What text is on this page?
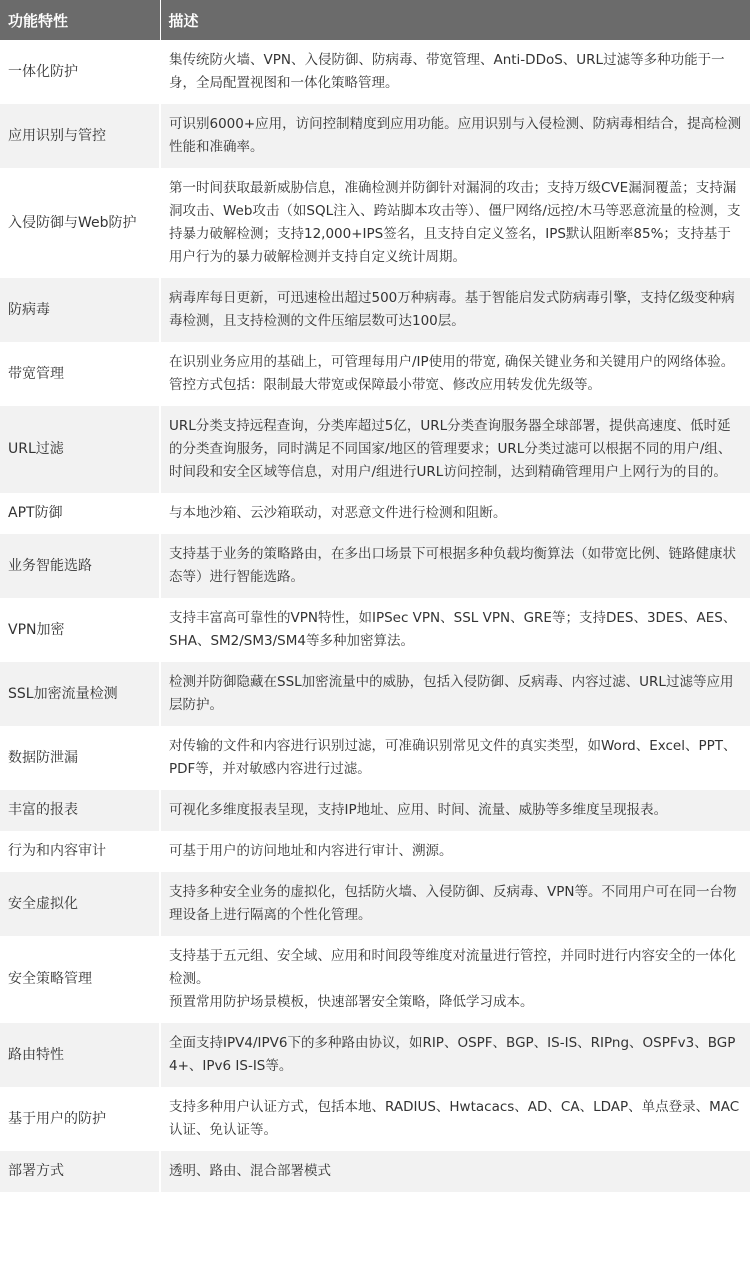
功能特性	描述
一体化防护	集传统防火墙、VPN、入侵防御、防病毒、带宽管理、Anti-DDoS、URL过滤等多种功能于一身，全局配置视图和一体化策略管理。
应用识别与管控	可识别6000+应用，访问控制精度到应用功能。应用识别与入侵检测、防病毒相结合，提高检测性能和准确率。
入侵防御与Web防护	第一时间获取最新威胁信息，准确检测并防御针对漏洞的攻击；支持万级CVE漏洞覆盖；支持漏洞攻击、Web攻击（如SQL注入、跨站脚本攻击等）、僵尸网络/远控/木马等恶意流量的检测，支持暴力破解检测；支持12,000+IPS签名，且支持自定义签名，IPS默认阻断率85%；支持基于用户行为的暴力破解检测并支持自定义统计周期。
防病毒	病毒库每日更新，可迅速检出超过500万种病毒。基于智能启发式防病毒引擎，支持亿级变种病毒检测，且支持检测的文件压缩层数可达100层。
带宽管理	在识别业务应用的基础上，可管理每用户/IP使用的带宽, 确保关键业务和关键用户的网络体验。管控方式包括：限制最大带宽或保障最小带宽、修改应用转发优先级等。
URL过滤	URL分类支持远程查询，分类库超过5亿，URL分类查询服务器全球部署，提供高速度、低时延的分类查询服务，同时满足不同国家/地区的管理要求；URL分类过滤可以根据不同的用户/组、时间段和安全区域等信息，对用户/组进行URL访问控制，达到精确管理用户上网行为的目的。
APT防御	与本地沙箱、云沙箱联动，对恶意文件进行检测和阻断。
业务智能选路	支持基于业务的策略路由，在多出口场景下可根据多种负载均衡算法（如带宽比例、链路健康状态等）进行智能选路。
VPN加密	支持丰富高可靠性的VPN特性，如IPSec VPN、SSL VPN、GRE等；支持DES、3DES、AES、SHA、SM2/SM3/SM4等多种加密算法。
SSL加密流量检测	检测并防御隐藏在SSL加密流量中的威胁，包括入侵防御、反病毒、内容过滤、URL过滤等应用层防护。
数据防泄漏	对传输的文件和内容进行识别过滤，可准确识别常见文件的真实类型，如Word、Excel、PPT、PDF等，并对敏感内容进行过滤。
丰富的报表	可视化多维度报表呈现，支持IP地址、应用、时间、流量、威胁等多维度呈现报表。
行为和内容审计	可基于用户的访问地址和内容进行审计、溯源。
安全虚拟化	支持多种安全业务的虚拟化，包括防火墙、入侵防御、反病毒、VPN等。不同用户可在同一台物理设备上进行隔离的个性化管理。
安全策略管理	支持基于五元组、安全域、应用和时间段等维度对流量进行管控，并同时进行内容安全的一体化检测。
预置常用防护场景模板，快速部署安全策略，降低学习成本。
路由特性	全面支持IPV4/IPV6下的多种路由协议，如RIP、OSPF、BGP、IS-IS、RIPng、OSPFv3、BGP4+、IPv6 IS-IS等。
基于用户的防护	支持多种用户认证方式，包括本地、RADIUS、Hwtacacs、AD、CA、LDAP、单点登录、MAC认证、免认证等。
部署方式	透明、路由、混合部署模式
